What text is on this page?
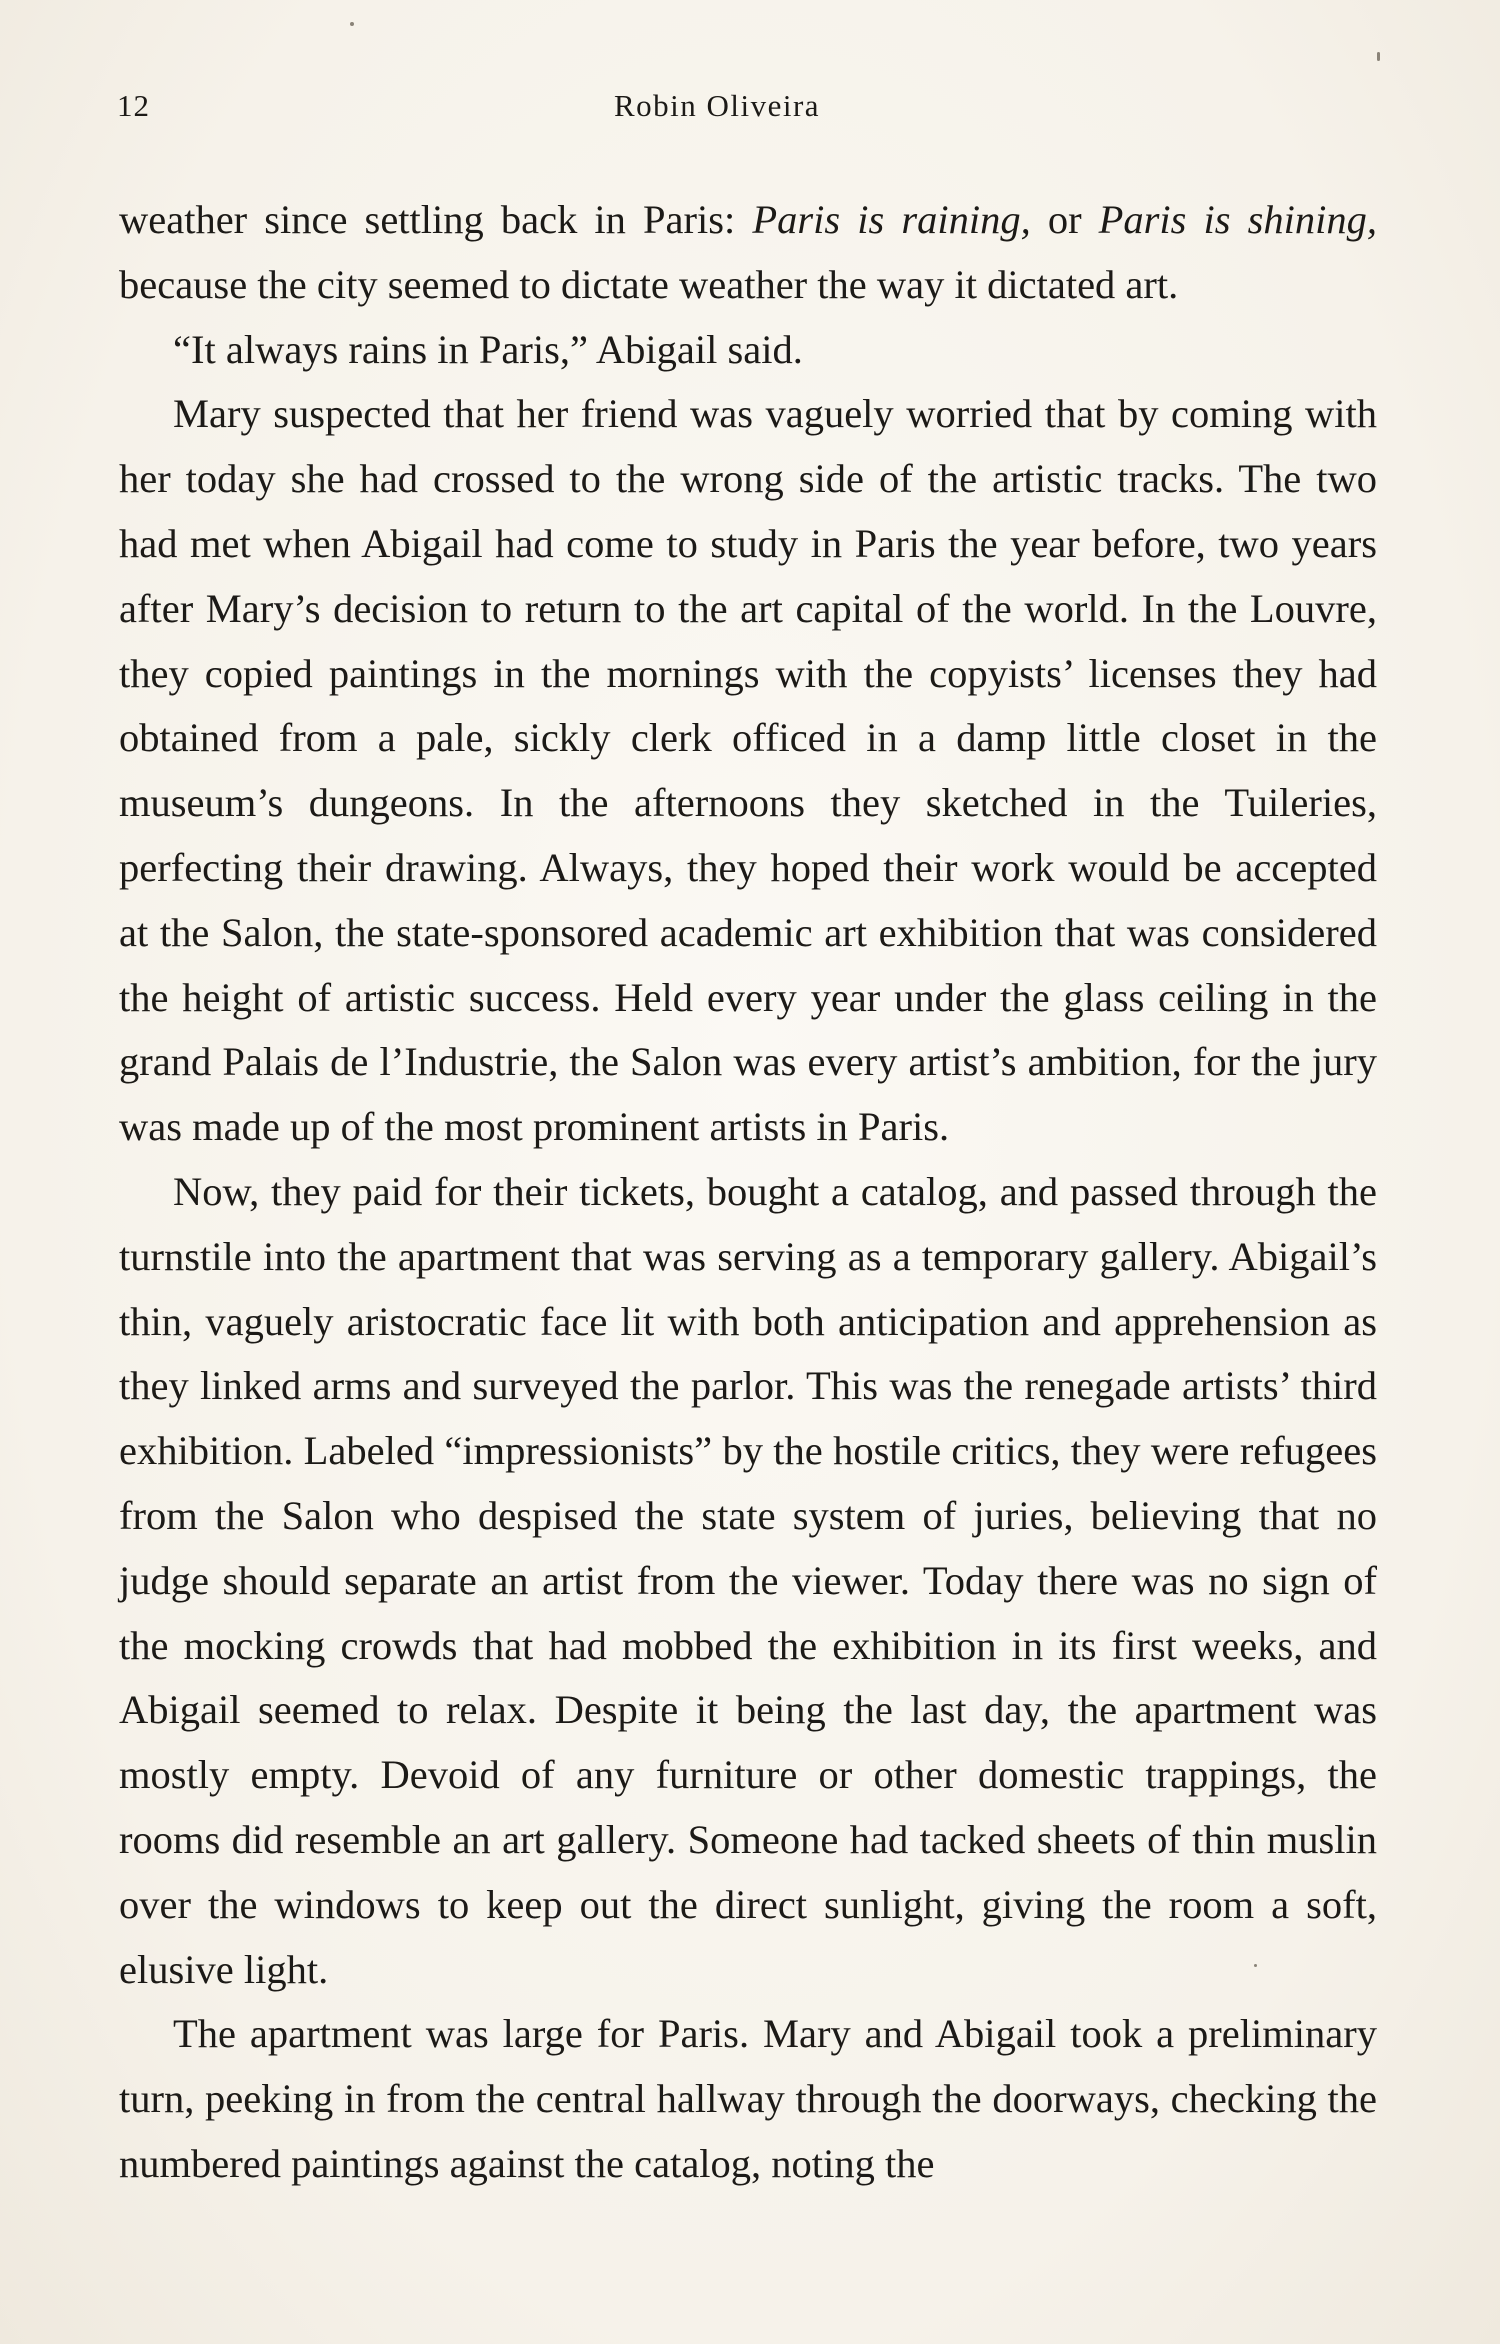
12	Robin Oliveira

weather since settling back in Paris: Paris is raining, or Paris is shining, because the city seemed to dictate weather the way it dictated art.

“It always rains in Paris,” Abigail said.

Mary suspected that her friend was vaguely worried that by coming with her today she had crossed to the wrong side of the artistic tracks. The two had met when Abigail had come to study in Paris the year before, two years after Mary’s decision to return to the art capital of the world. In the Louvre, they copied paintings in the mornings with the copyists’ licenses they had obtained from a pale, sickly clerk officed in a damp little closet in the museum’s dungeons. In the afternoons they sketched in the Tuileries, perfecting their drawing. Always, they hoped their work would be accepted at the Salon, the state-sponsored academic art exhibition that was considered the height of artistic success. Held every year under the glass ceiling in the grand Palais de l’Industrie, the Salon was every artist’s ambition, for the jury was made up of the most prominent artists in Paris.

Now, they paid for their tickets, bought a catalog, and passed through the turnstile into the apartment that was serving as a temporary gallery. Abigail’s thin, vaguely aristocratic face lit with both anticipation and apprehension as they linked arms and surveyed the parlor. This was the renegade artists’ third exhibition. Labeled “impressionists” by the hostile critics, they were refugees from the Salon who despised the state system of juries, believing that no judge should separate an artist from the viewer. Today there was no sign of the mocking crowds that had mobbed the exhibition in its first weeks, and Abigail seemed to relax. Despite it being the last day, the apartment was mostly empty. Devoid of any furniture or other domestic trappings, the rooms did resemble an art gallery. Someone had tacked sheets of thin muslin over the windows to keep out the direct sunlight, giving the room a soft, elusive light.

The apartment was large for Paris. Mary and Abigail took a preliminary turn, peeking in from the central hallway through the doorways, checking the numbered paintings against the catalog, noting the
